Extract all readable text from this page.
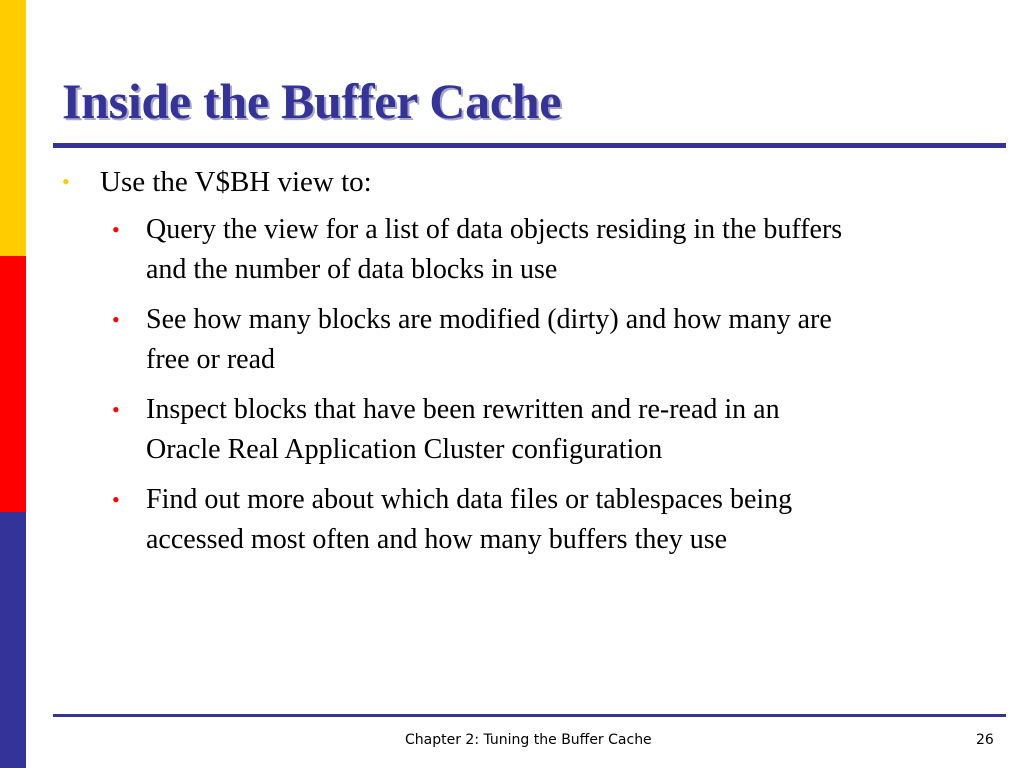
Inside the Buffer Cache
• Use the V$BH view to:
• Query the view for a list of data objects residing in the buffers
and the number of data blocks in use
• See how many blocks are modified (dirty) and how many are
free or read
• Inspect blocks that have been rewritten and re-read in an
Oracle Real Application Cluster configuration
• Find out more about which data files or tablespaces being
accessed most often and how many buffers they use
Chapter 2: Tuning the Buffer Cache	26
